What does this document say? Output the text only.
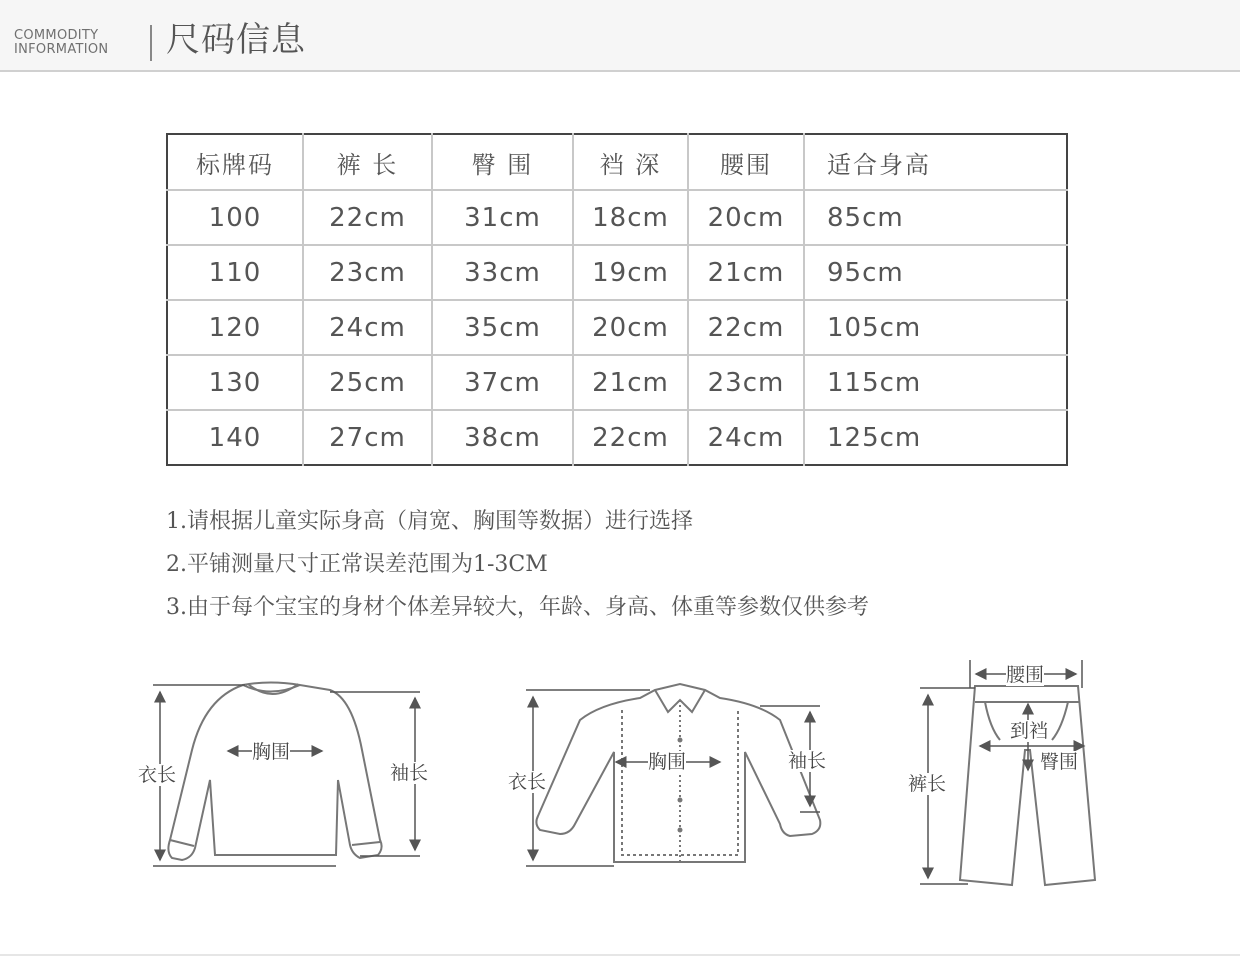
COMMODITY
INFORMATION 尺码信息
标牌码	裤 长	臀 围	裆 深	腰围	适合身高
100	22cm	31cm	18cm	20cm	85cm
110	23cm	33cm	19cm	21cm	95cm
120	24cm	35cm	20cm	22cm	105cm
130	25cm	37cm	21cm	23cm	115cm
140	27cm	38cm	22cm	24cm	125cm
1.请根据儿童实际身高（肩宽、胸围等数据）进行选择
2.平铺测量尺寸正常误差范围为1-3CM
3.由于每个宝宝的身材个体差异较大，年龄、身高、体重等参数仅供参考
衣长
胸围
袖长	衣长
胸围	袖长
腰围
到裆
臀围
裤长
